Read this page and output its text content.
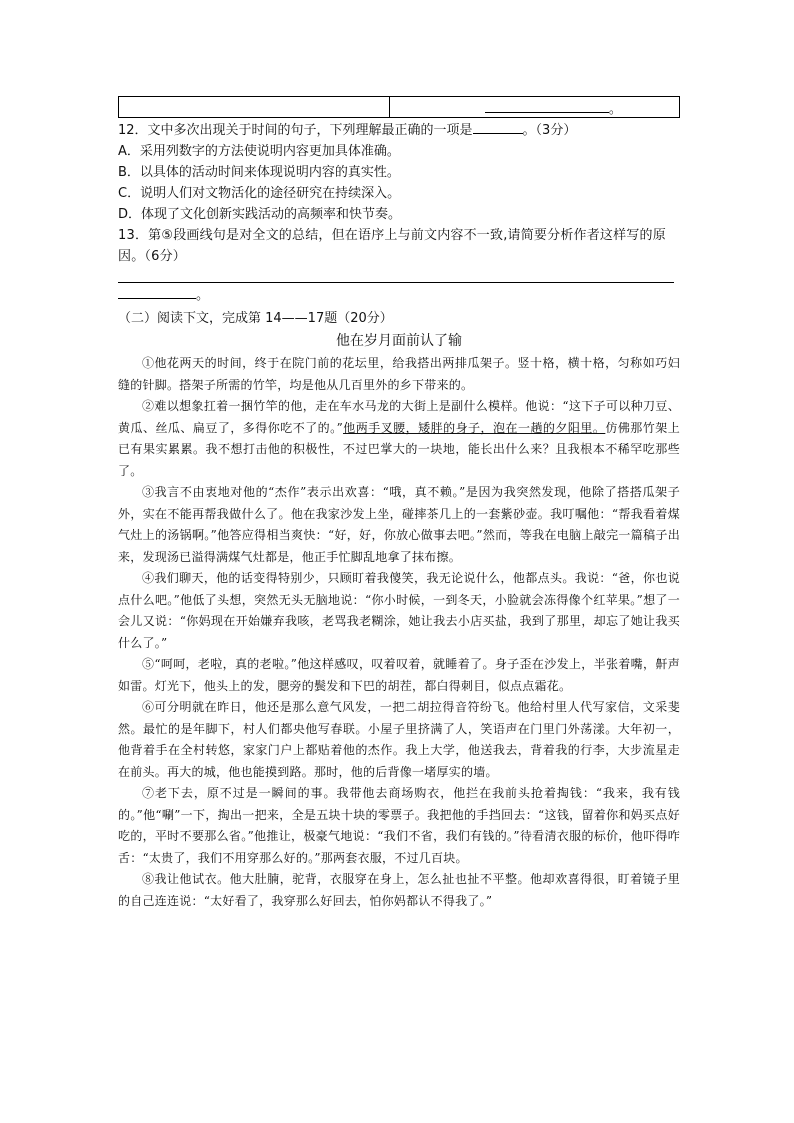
	。

12．文中多次出现关于时间的句子，下列理解最正确的一项是	。（3分）

A．采用列数字的方法使说明内容更加具体准确。

B．以具体的活动时间来体现说明内容的真实性。

C．说明人们对文物活化的途径研究在持续深入。

D．体现了文化创新实践活动的高频率和快节奏。

13．第⑤段画线句是对全文的总结，但在语序上与前文内容不一致,请简要分析作者这样写的原因。（6分）

。
（二）阅读下文，完成第 14——17题（20分）
他在岁月面前认了输

①他花两天的时间，终于在院门前的花坛里，给我搭出两排瓜架子。竖十格，横十格，匀称如巧妇缝的针脚。搭架子所需的竹竿，均是他从几百里外的乡下带来的。

②难以想象扛着一捆竹竿的他，走在车水马龙的大街上是副什么模样。他说：“这下子可以种刀豆、黄瓜、丝瓜、扁豆了，多得你吃不了的。”他两手叉腰，矮胖的身子，泡在一趟的夕阳里。仿佛那竹架上已有果实累累。我不想打击他的积极性，不过巴掌大的一块地，能长出什么来？且我根本不稀罕吃那些了。

③我言不由衷地对他的“杰作”表示出欢喜：“哦，真不赖。”是因为我突然发现，他除了搭搭瓜架子外，实在不能再帮我做什么了。他在我家沙发上坐，碰摔茶几上的一套紫砂壶。我叮嘱他：“帮我看着煤气灶上的汤锅啊。”他答应得相当爽快：“好，好，你放心做事去吧。”然而，等我在电脑上敲完一篇稿子出来，发现汤已溢得满煤气灶都是，他正手忙脚乱地拿了抹布擦。

④我们聊天，他的话变得特别少，只顾盯着我傻笑，我无论说什么，他都点头。我说：“爸，你也说点什么吧。”他低了头想，突然无头无脑地说：“你小时候，一到冬天，小脸就会冻得像个红苹果。”想了一会儿又说：“你妈现在开始嫌弃我咳，老骂我老糊涂，她让我去小店买盐，我到了那里，却忘了她让我买什么了。”

⑤“呵呵，老啦，真的老啦。”他这样感叹，叹着叹着，就睡着了。身子歪在沙发上，半张着嘴，鼾声如雷。灯光下，他头上的发，腮旁的鬓发和下巴的胡茬，都白得刺目，似点点霜花。

⑥可分明就在昨日，他还是那么意气风发，一把二胡拉得音符纷飞。他给村里人代写家信，文采斐然。最忙的是年脚下，村人们都央他写春联。小屋子里挤满了人，笑语声在门里门外荡漾。大年初一，他背着手在全村转悠，家家门户上都贴着他的杰作。我上大学，他送我去，背着我的行李，大步流星走在前头。再大的城，他也能摸到路。那时，他的后背像一堵厚实的墙。

⑦老下去，原不过是一瞬间的事。我带他去商场购衣，他拦在我前头抢着掏钱：“我来，我有钱的。”他“唰”一下，掏出一把来，全是五块十块的零票子。我把他的手挡回去：“这钱，留着你和妈买点好吃的，平时不要那么省。”他推让，极豪气地说：“我们不省，我们有钱的。”待看清衣服的标价，他吓得咋舌：“太贵了，我们不用穿那么好的。”那两套衣服，不过几百块。

⑧我让他试衣。他大肚腩，驼背，衣服穿在身上，怎么扯也扯不平整。他却欢喜得很，盯着镜子里的自己连连说：“太好看了，我穿那么好回去，怕你妈都认不得我了。”
